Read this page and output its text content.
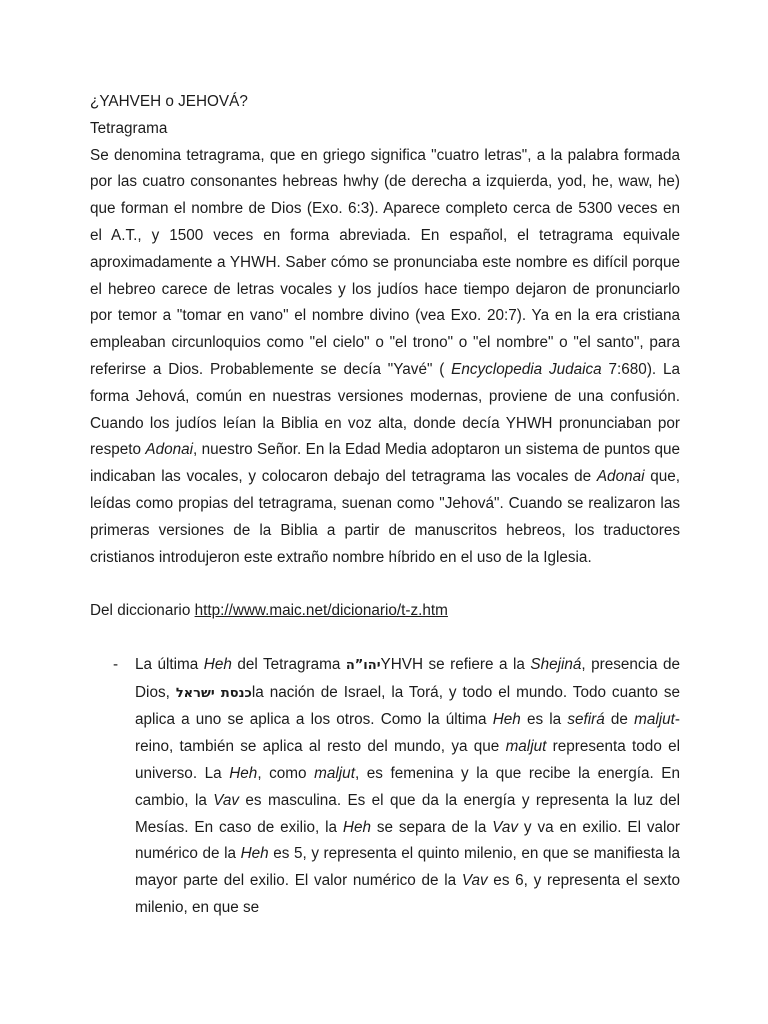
¿YAHVEH o JEHOVÁ?

Tetragrama

Se denomina tetragrama, que en griego significa "cuatro letras", a la palabra formada por las cuatro consonantes hebreas hwhy (de derecha a izquierda, yod, he, waw, he) que forman el nombre de Dios (Exo. 6:3). Aparece completo cerca de 5300 veces en el A.T., y 1500 veces en forma abreviada. En español, el tetragrama equivale aproximadamente a YHWH. Saber cómo se pronunciaba este nombre es difícil porque el hebreo carece de letras vocales y los judíos hace tiempo dejaron de pronunciarlo por temor a "tomar en vano" el nombre divino (vea Exo. 20:7). Ya en la era cristiana empleaban circunloquios como "el cielo" o "el trono" o "el nombre" o "el santo", para referirse a Dios. Probablemente se decía "Yavé" ( Encyclopedia Judaica 7:680). La forma Jehová, común en nuestras versiones modernas, proviene de una confusión. Cuando los judíos leían la Biblia en voz alta, donde decía YHWH pronunciaban por respeto Adonai, nuestro Señor. En la Edad Media adoptaron un sistema de puntos que indicaban las vocales, y colocaron debajo del tetragrama las vocales de Adonai que, leídas como propias del tetragrama, suenan como "Jehová". Cuando se realizaron las primeras versiones de la Biblia a partir de manuscritos hebreos, los traductores cristianos introdujeron este extraño nombre híbrido en el uso de la Iglesia.

Del diccionario http://www.maic.net/dicionario/t-z.htm

- La última Heh del Tetragrama יהו”הYHVH se refiere a la Shejiná, presencia de Dios, כנסת ישראלla nación de Israel, la Torá, y todo el mundo. Todo cuanto se aplica a uno se aplica a los otros. Como la última Heh es la sefirá de maljut-reino, también se aplica al resto del mundo, ya que maljut representa todo el universo. La Heh, como maljut, es femenina y la que recibe la energía. En cambio, la Vav es masculina. Es el que da la energía y representa la luz del Mesías. En caso de exilio, la Heh se separa de la Vav y va en exilio. El valor numérico de la Heh es 5, y representa el quinto milenio, en que se manifiesta la mayor parte del exilio. El valor numérico de la Vav es 6, y representa el sexto milenio, en que se
